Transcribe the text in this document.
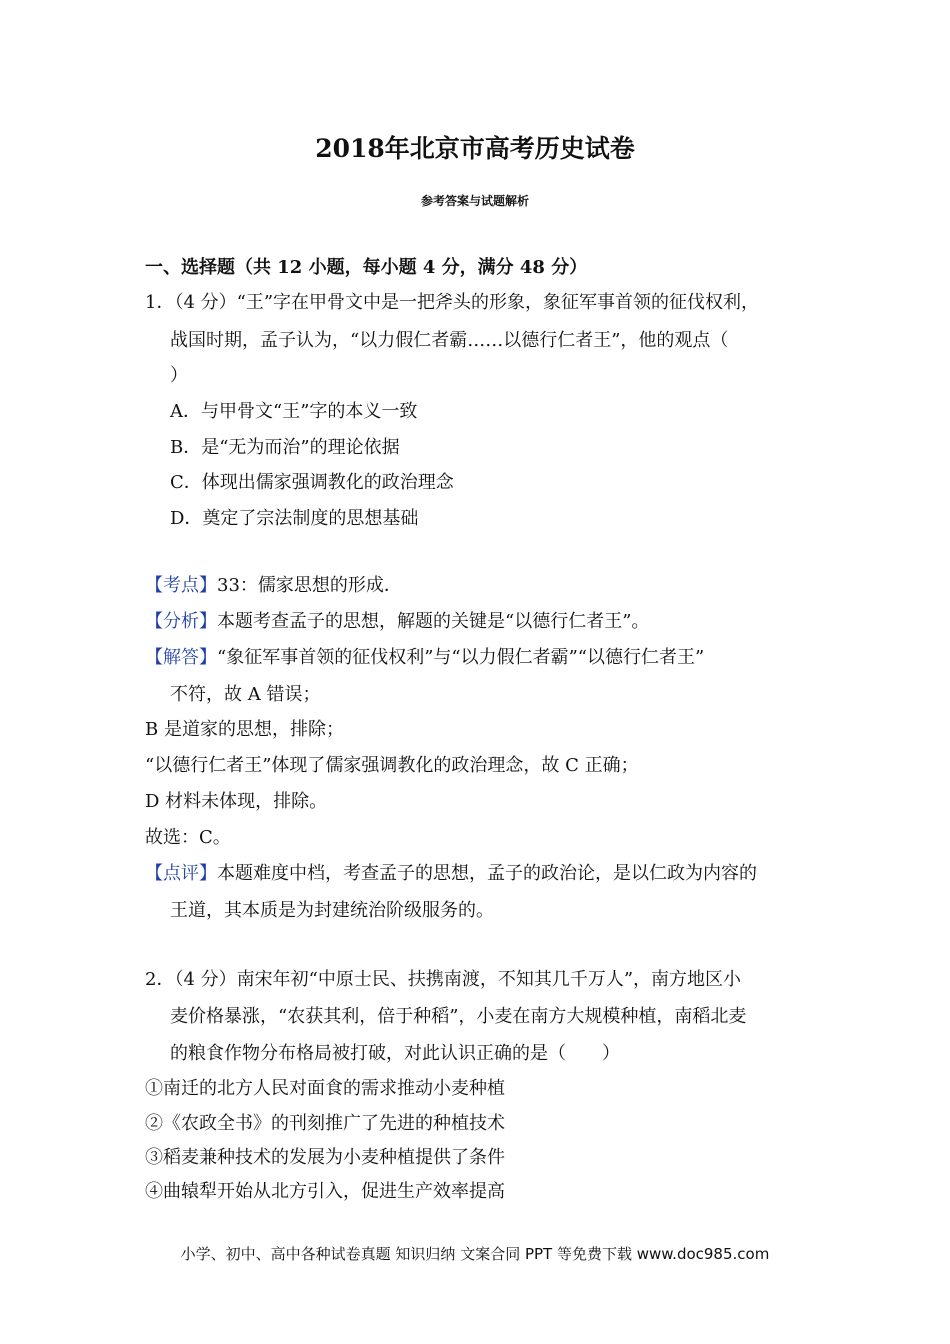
2018年北京市高考历史试卷
参考答案与试题解析
一、选择题（共 12 小题，每小题 4 分，满分 48 分）
1．（4 分）“王”字在甲骨文中是一把斧头的形象，象征军事首领的征伐权利，
战国时期，孟子认为，“以力假仁者霸……以德行仁者王”，他的观点（
）
A．与甲骨文“王”字的本义一致
B．是“无为而治”的理论依据
C．体现出儒家强调教化的政治理念
D．奠定了宗法制度的思想基础
【考点】33：儒家思想的形成．
【分析】本题考查孟子的思想，解题的关键是“以德行仁者王”。
【解答】“象征军事首领的征伐权利”与“以力假仁者霸”“以德行仁者王”
不符，故 A 错误；
B 是道家的思想，排除；
“以德行仁者王”体现了儒家强调教化的政治理念，故 C 正确；
D 材料未体现，排除。
故选：C。
【点评】本题难度中档，考查孟子的思想，孟子的政治论，是以仁政为内容的
王道，其本质是为封建统治阶级服务的。
2．（4 分）南宋年初“中原士民、扶携南渡，不知其几千万人”，南方地区小
麦价格暴涨，“农获其利，倍于种稻”，小麦在南方大规模种植，南稻北麦
的粮食作物分布格局被打破，对此认识正确的是（　　）
①南迁的北方人民对面食的需求推动小麦种植
②《农政全书》的刊刻推广了先进的种植技术
③稻麦兼种技术的发展为小麦种植提供了条件
④曲辕犁开始从北方引入，促进生产效率提高
小学、初中、高中各种试卷真题 知识归纳 文案合同 PPT 等免费下载 www.doc985.com
